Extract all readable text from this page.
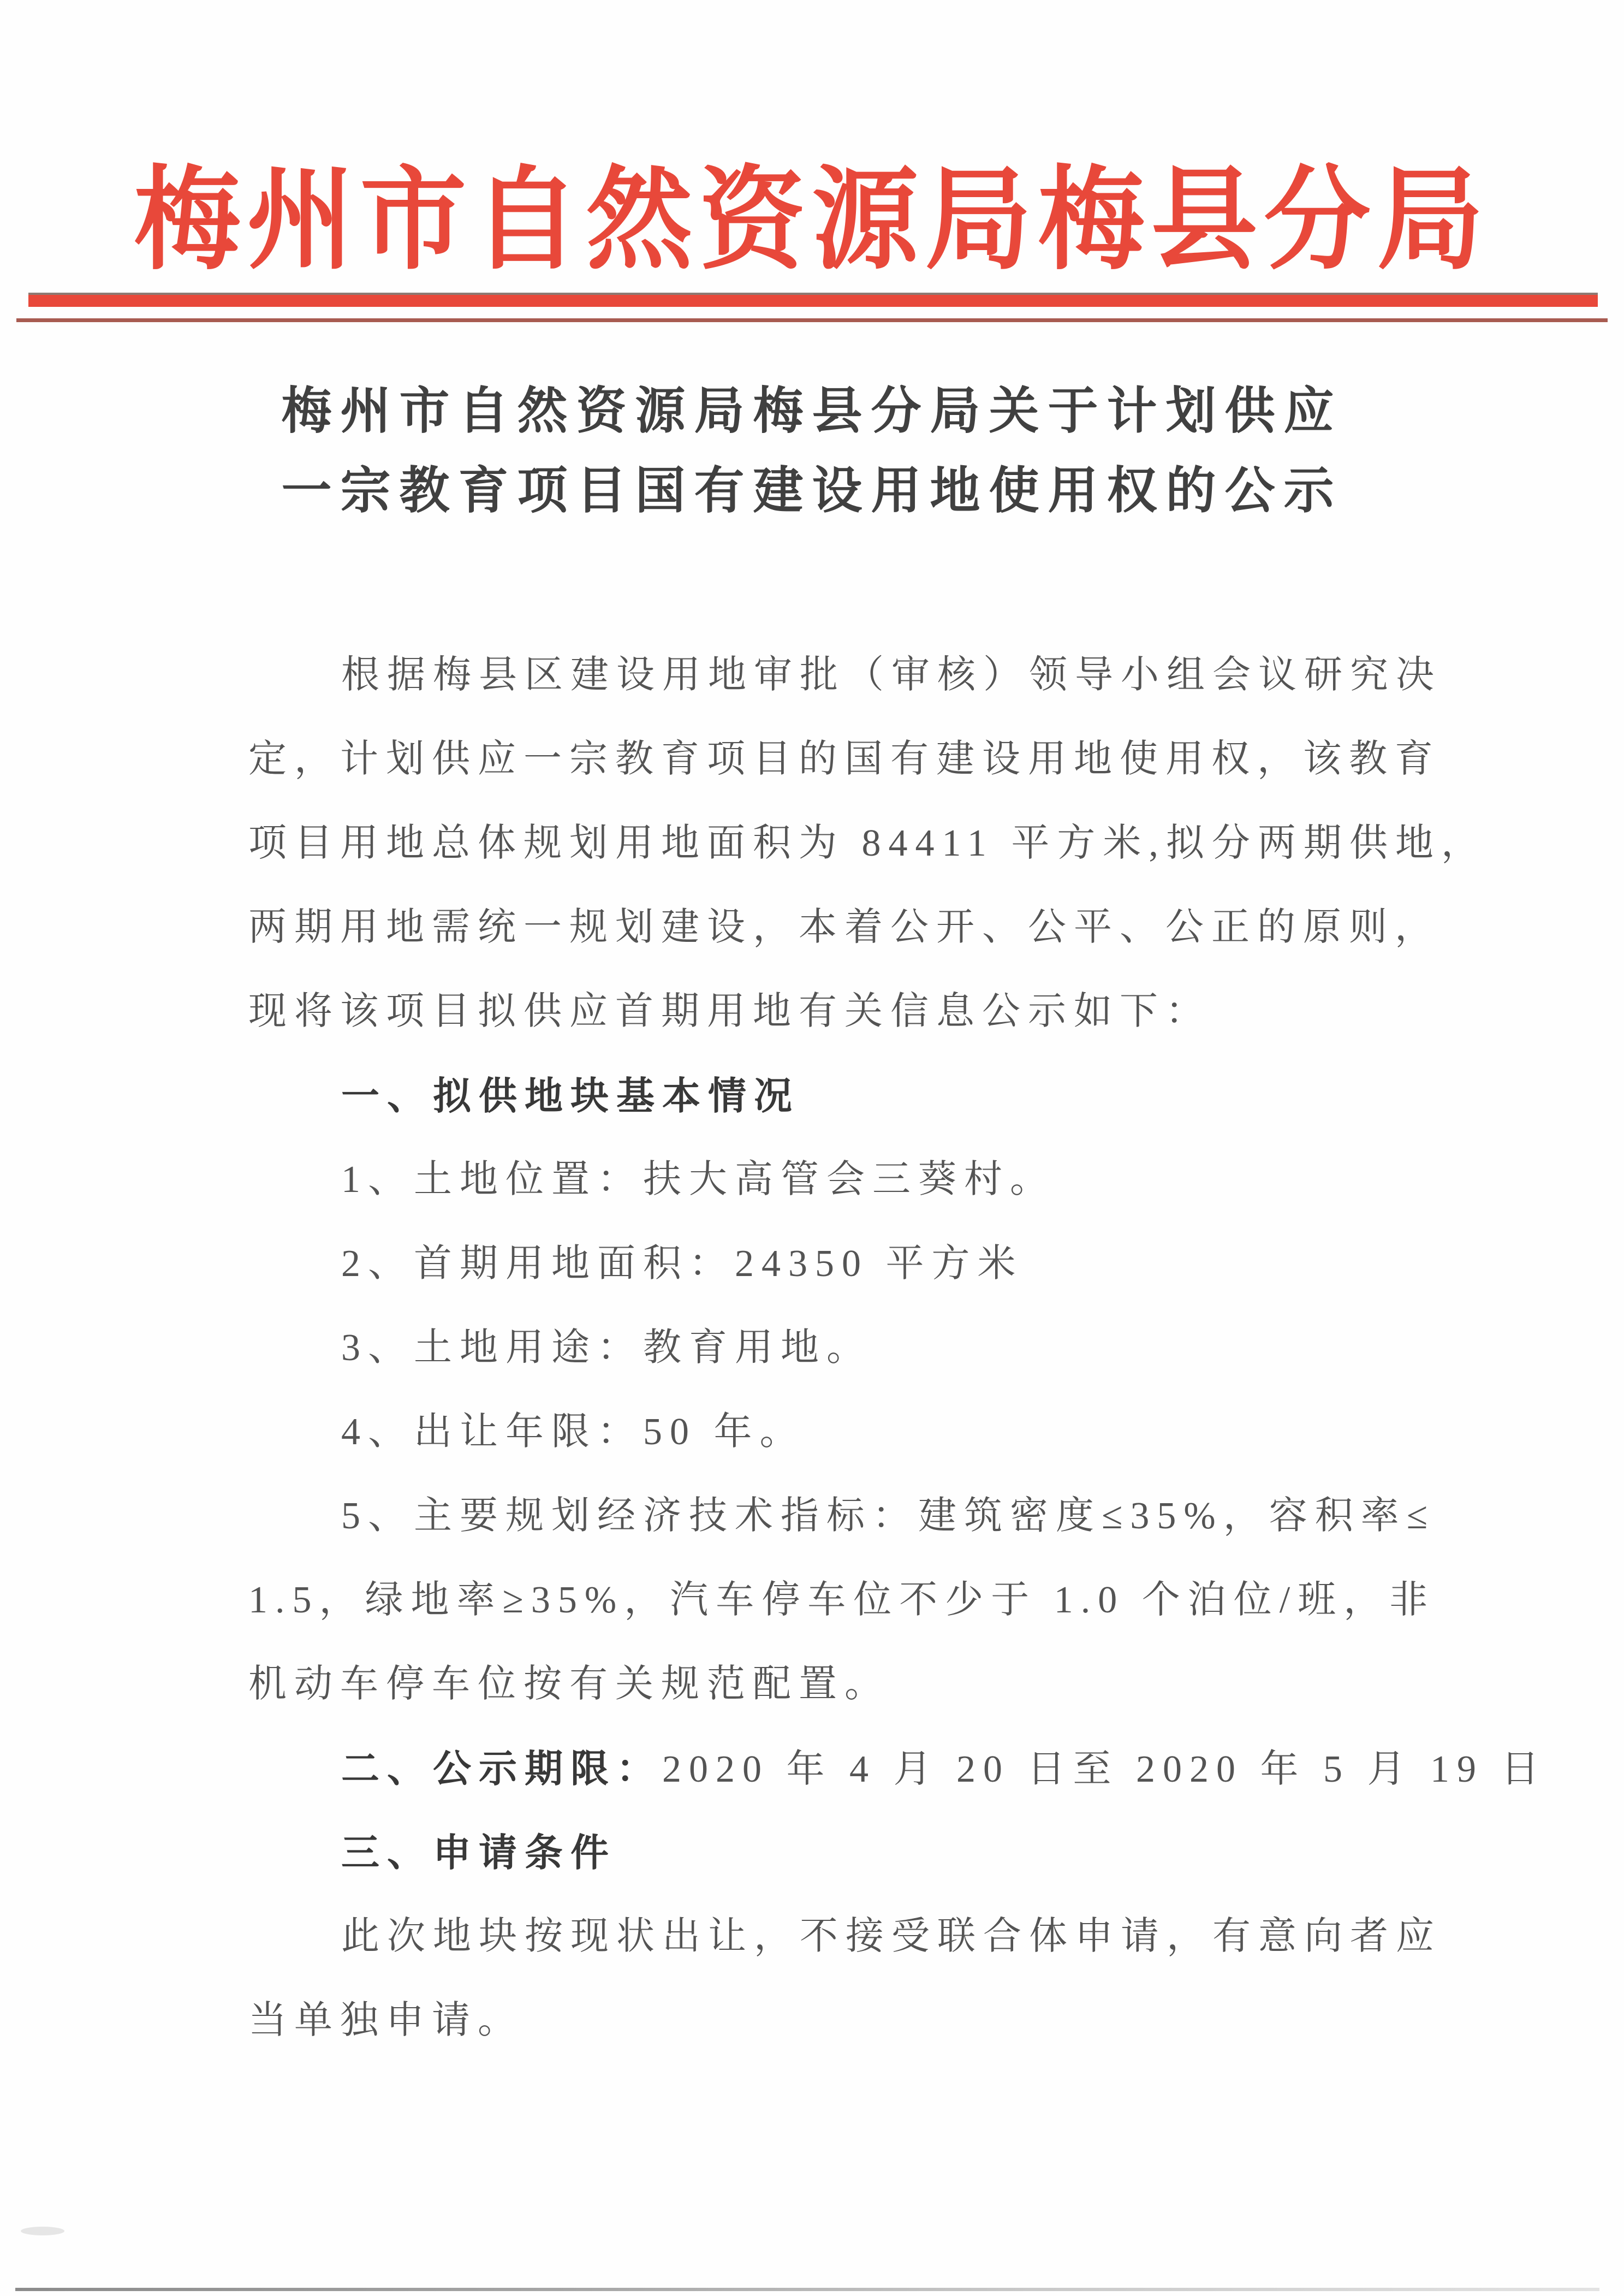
梅州市自然资源局梅县分局
梅州市自然资源局梅县分局关于计划供应
一宗教育项目国有建设用地使用权的公示
根据梅县区建设用地审批（审核）领导小组会议研究决
定，计划供应一宗教育项目的国有建设用地使用权，该教育
项目用地总体规划用地面积为 84411 平方米,拟分两期供地，
两期用地需统一规划建设，本着公开、公平、公正的原则，
现将该项目拟供应首期用地有关信息公示如下：
一、拟供地块基本情况
1、土地位置：扶大高管会三葵村。
2、首期用地面积：24350 平方米
3、土地用途：教育用地。
4、出让年限：50 年。
5、主要规划经济技术指标：建筑密度≤35%，容积率≤
1.5，绿地率≥35%，汽车停车位不少于 1.0 个泊位/班，非
机动车停车位按有关规范配置。
二、公示期限：2020 年 4 月 20 日至 2020 年 5 月 19 日
三、申请条件
此次地块按现状出让，不接受联合体申请，有意向者应
当单独申请。
